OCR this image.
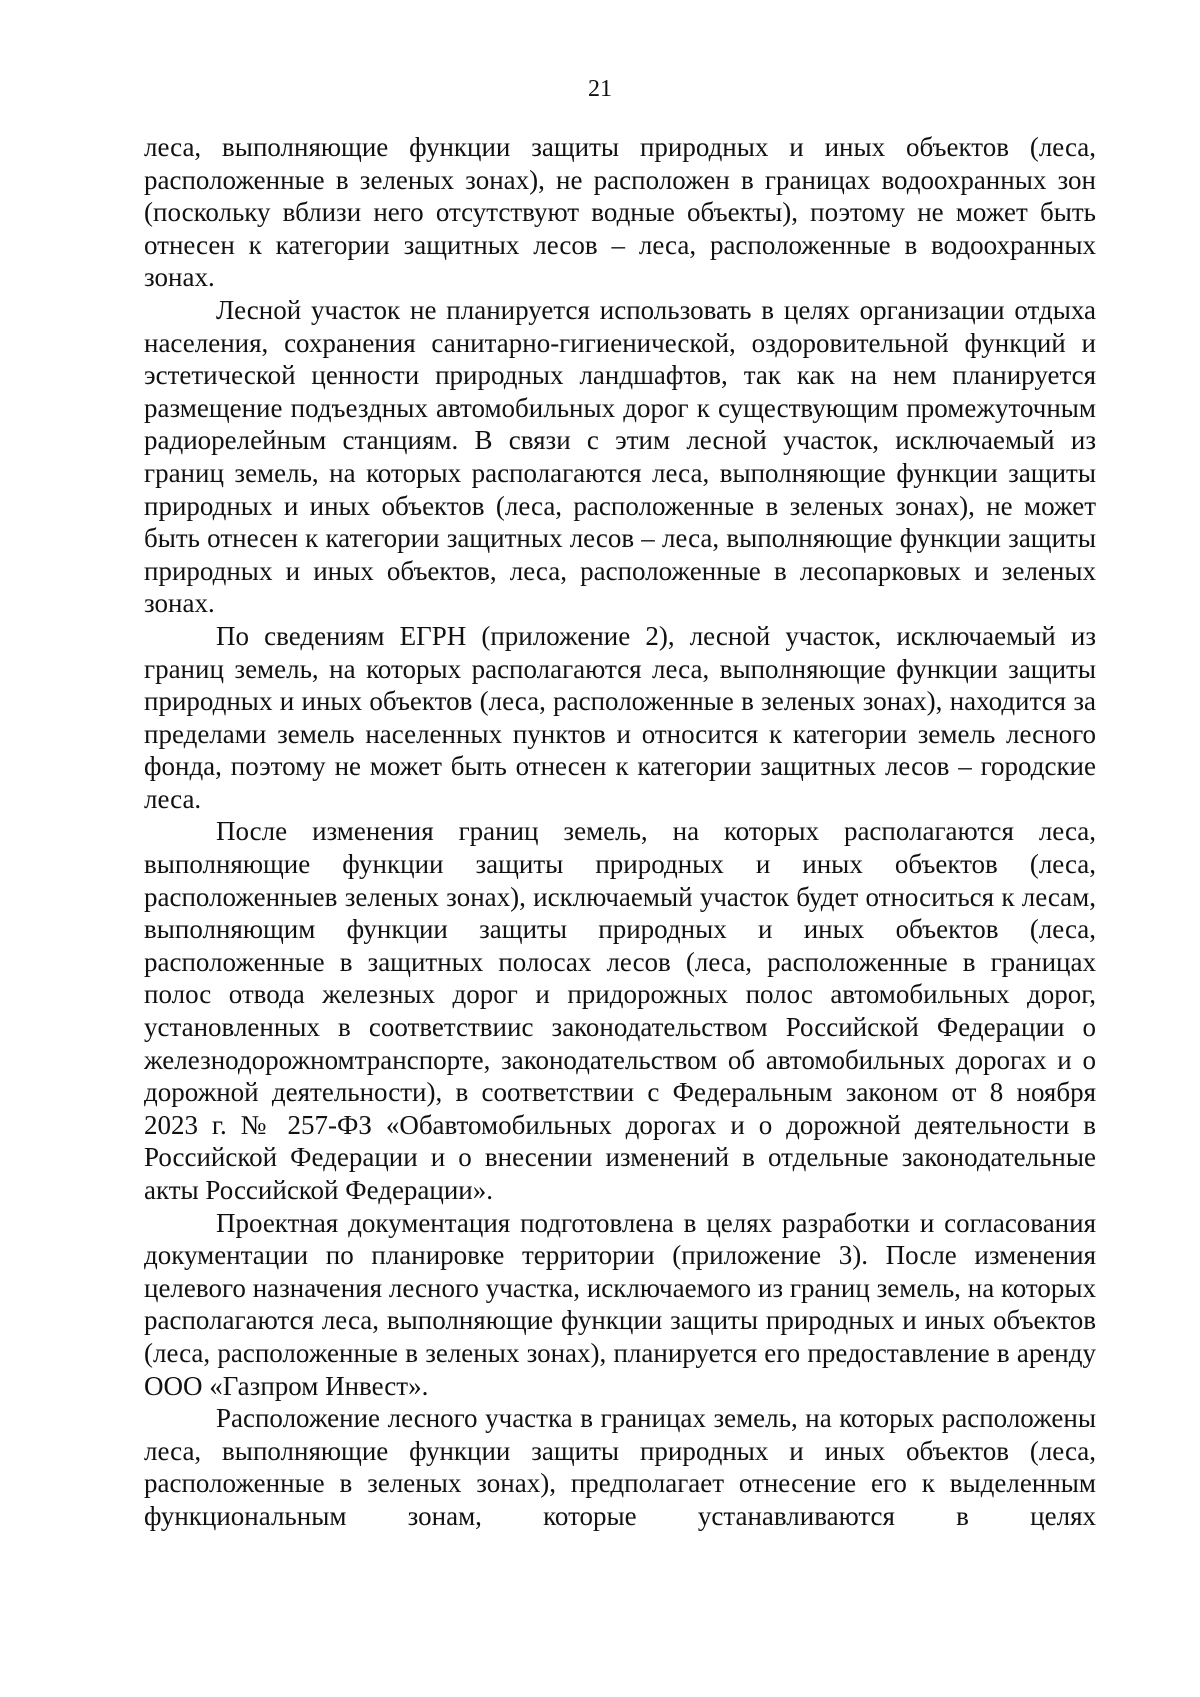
21

леса, выполняющие функции защиты природных и иных объектов (леса, расположенные в зеленых зонах), не расположен в границах водоохранных зон (поскольку вблизи него отсутствуют водные объекты), поэтому не может быть отнесен к категории защитных лесов – леса, расположенные в водоохранных зонах.

Лесной участок не планируется использовать в целях организации отдыха населения, сохранения санитарно-гигиенической, оздоровительной функций и эстетической ценности природных ландшафтов, так как на нем планируется размещение подъездных автомобильных дорог к существующим промежуточным радиорелейным станциям. В связи с этим лесной участок, исключаемый из границ земель, на которых располагаются леса, выполняющие функции защиты природных и иных объектов (леса, расположенные в зеленых зонах), не может быть отнесен к категории защитных лесов – леса, выполняющие функции защиты природных и иных объектов, леса, расположенные в лесопарковых и зеленых зонах.

По сведениям ЕГРН (приложение 2), лесной участок, исключаемый из границ земель, на которых располагаются леса, выполняющие функции защиты природных и иных объектов (леса, расположенные в зеленых зонах), находится за пределами земель населенных пунктов и относится к категории земель лесного фонда, поэтому не может быть отнесен к категории защитных лесов – городские леса.

После изменения границ земель, на которых располагаются леса, выполняющие функции защиты природных и иных объектов (леса, расположенныев зеленых зонах), исключаемый участок будет относиться к лесам, выполняющим функции защиты природных и иных объектов (леса, расположенные в защитных полосах лесов (леса, расположенные в границах полос отвода железных дорог и придорожных полос автомобильных дорог, установленных в соответствиис законодательством Российской Федерации о железнодорожномтранспорте, законодательством об автомобильных дорогах и о дорожной деятельности), в соответствии с Федеральным законом от 8 ноября 2023 г. № 257-ФЗ «Обавтомобильных дорогах и о дорожной деятельности в Российской Федерации и о внесении изменений в отдельные законодательные акты Российской Федерации».

Проектная документация подготовлена в целях разработки и согласования документации по планировке территории (приложение 3). После изменения целевого назначения лесного участка, исключаемого из границ земель, на которых располагаются леса, выполняющие функции защиты природных и иных объектов (леса, расположенные в зеленых зонах), планируется его предоставление в аренду ООО «Газпром Инвест».

Расположение лесного участка в границах земель, на которых расположены леса, выполняющие функции защиты природных и иных объектов (леса, расположенные в зеленых зонах), предполагает отнесение его к выделенным функциональным зонам, которые устанавливаются в целях
